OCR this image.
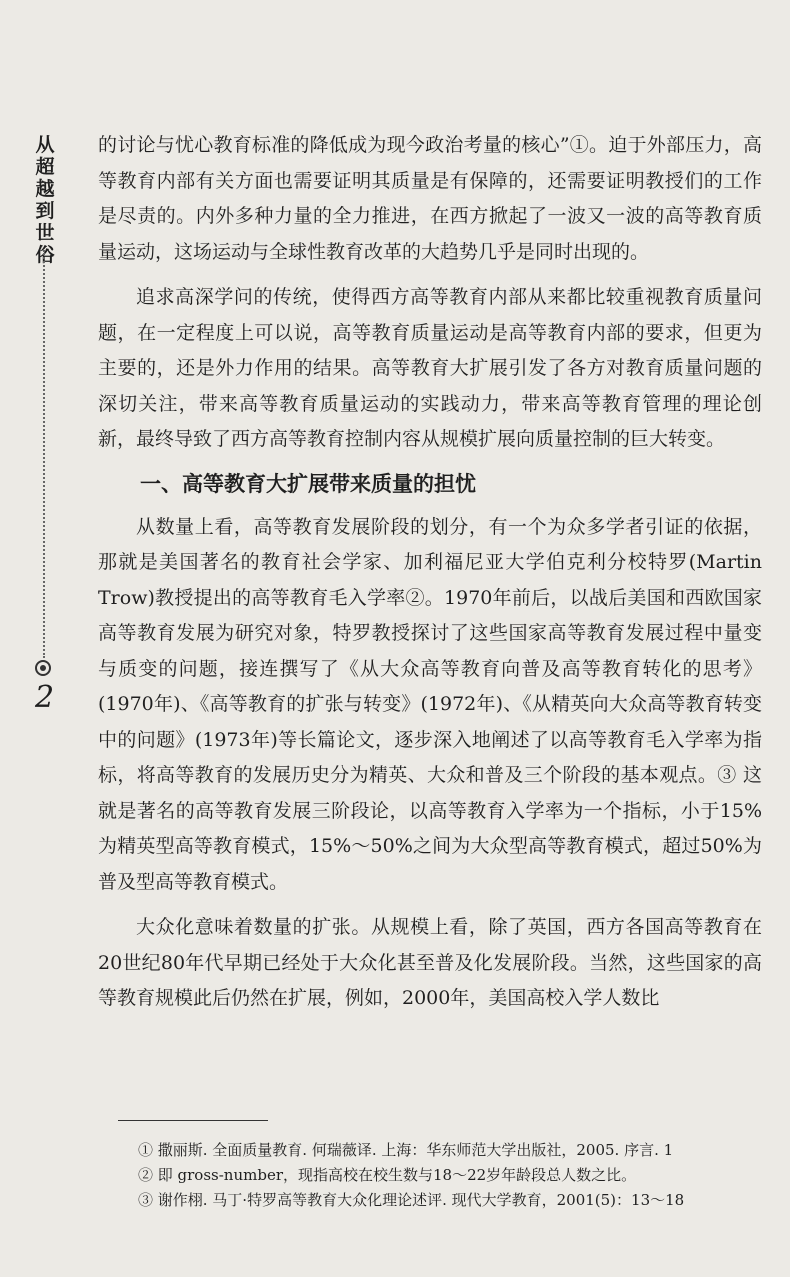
从超越到世俗
2

的讨论与忧心教育标准的降低成为现今政治考量的核心”①。迫于外部压力，高等教育内部有关方面也需要证明其质量是有保障的，还需要证明教授们的工作是尽责的。内外多种力量的全力推进，在西方掀起了一波又一波的高等教育质量运动，这场运动与全球性教育改革的大趋势几乎是同时出现的。

追求高深学问的传统，使得西方高等教育内部从来都比较重视教育质量问题，在一定程度上可以说，高等教育质量运动是高等教育内部的要求，但更为主要的，还是外力作用的结果。高等教育大扩展引发了各方对教育质量问题的深切关注，带来高等教育质量运动的实践动力，带来高等教育管理的理论创新，最终导致了西方高等教育控制内容从规模扩展向质量控制的巨大转变。

一、高等教育大扩展带来质量的担忧

从数量上看，高等教育发展阶段的划分，有一个为众多学者引证的依据，那就是美国著名的教育社会学家、加利福尼亚大学伯克利分校特罗(Martin Trow)教授提出的高等教育毛入学率②。1970年前后，以战后美国和西欧国家高等教育发展为研究对象，特罗教授探讨了这些国家高等教育发展过程中量变与质变的问题，接连撰写了《从大众高等教育向普及高等教育转化的思考》(1970年)、《高等教育的扩张与转变》(1972年)、《从精英向大众高等教育转变中的问题》(1973年)等长篇论文，逐步深入地阐述了以高等教育毛入学率为指标，将高等教育的发展历史分为精英、大众和普及三个阶段的基本观点。③ 这就是著名的高等教育发展三阶段论，以高等教育入学率为一个指标，小于15%为精英型高等教育模式，15%～50%之间为大众型高等教育模式，超过50%为普及型高等教育模式。

大众化意味着数量的扩张。从规模上看，除了英国，西方各国高等教育在20世纪80年代早期已经处于大众化甚至普及化发展阶段。当然，这些国家的高等教育规模此后仍然在扩展，例如，2000年，美国高校入学人数比

① 撒丽斯. 全面质量教育. 何瑞薇译. 上海：华东师范大学出版社，2005. 序言. 1
② 即 gross-number，现指高校在校生数与18～22岁年龄段总人数之比。
③ 谢作栩. 马丁·特罗高等教育大众化理论述评. 现代大学教育，2001(5)：13～18
